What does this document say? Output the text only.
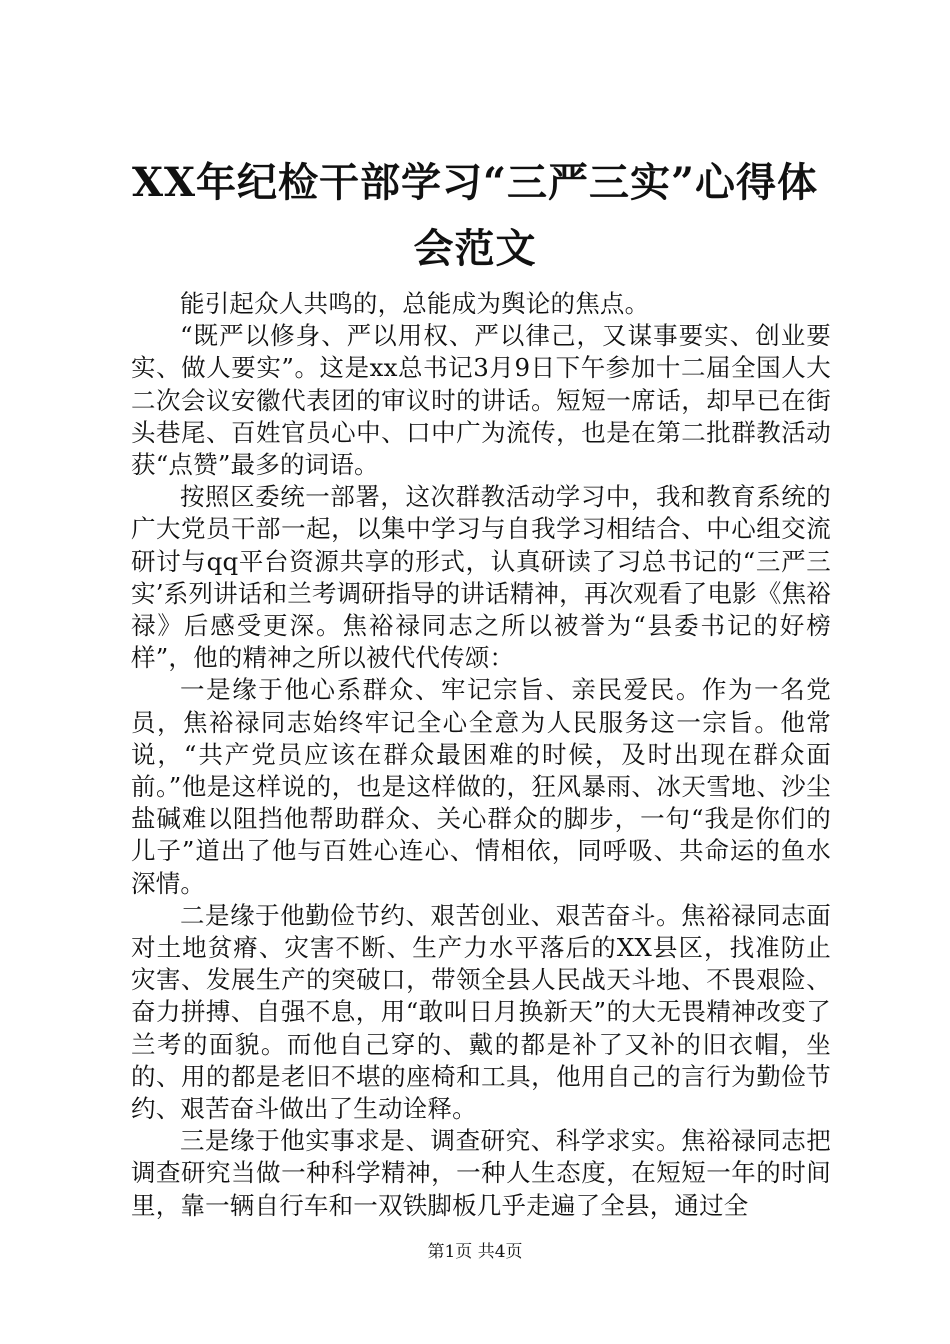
XX年纪检干部学习“三严三实”心得体会范文

能引起众人共鸣的，总能成为舆论的焦点。

“既严以修身、严以用权、严以律己，又谋事要实、创业要实、做人要实”。这是xx总书记3月9日下午参加十二届全国人大二次会议安徽代表团的审议时的讲话。短短一席话，却早已在街头巷尾、百姓官员心中、口中广为流传，也是在第二批群教活动获“点赞”最多的词语。

按照区委统一部署，这次群教活动学习中，我和教育系统的广大党员干部一起，以集中学习与自我学习相结合、中心组交流研讨与qq平台资源共享的形式，认真研读了习总书记的“三严三实’系列讲话和兰考调研指导的讲话精神，再次观看了电影《焦裕禄》后感受更深。焦裕禄同志之所以被誉为“县委书记的好榜样”，他的精神之所以被代代传颂：

一是缘于他心系群众、牢记宗旨、亲民爱民。作为一名党员，焦裕禄同志始终牢记全心全意为人民服务这一宗旨。他常说，“共产党员应该在群众最困难的时候，及时出现在群众面前。”他是这样说的，也是这样做的，狂风暴雨、冰天雪地、沙尘盐碱难以阻挡他帮助群众、关心群众的脚步，一句“我是你们的儿子”道出了他与百姓心连心、情相依，同呼吸、共命运的鱼水深情。

二是缘于他勤俭节约、艰苦创业、艰苦奋斗。焦裕禄同志面对土地贫瘠、灾害不断、生产力水平落后的XX县区，找准防止灾害、发展生产的突破口，带领全县人民战天斗地、不畏艰险、奋力拼搏、自强不息，用“敢叫日月换新天”的大无畏精神改变了兰考的面貌。而他自己穿的、戴的都是补了又补的旧衣帽，坐的、用的都是老旧不堪的座椅和工具，他用自己的言行为勤俭节约、艰苦奋斗做出了生动诠释。

三是缘于他实事求是、调查研究、科学求实。焦裕禄同志把调查研究当做一种科学精神，一种人生态度，在短短一年的时间里，靠一辆自行车和一双铁脚板几乎走遍了全县，通过全

第1页 共4页
